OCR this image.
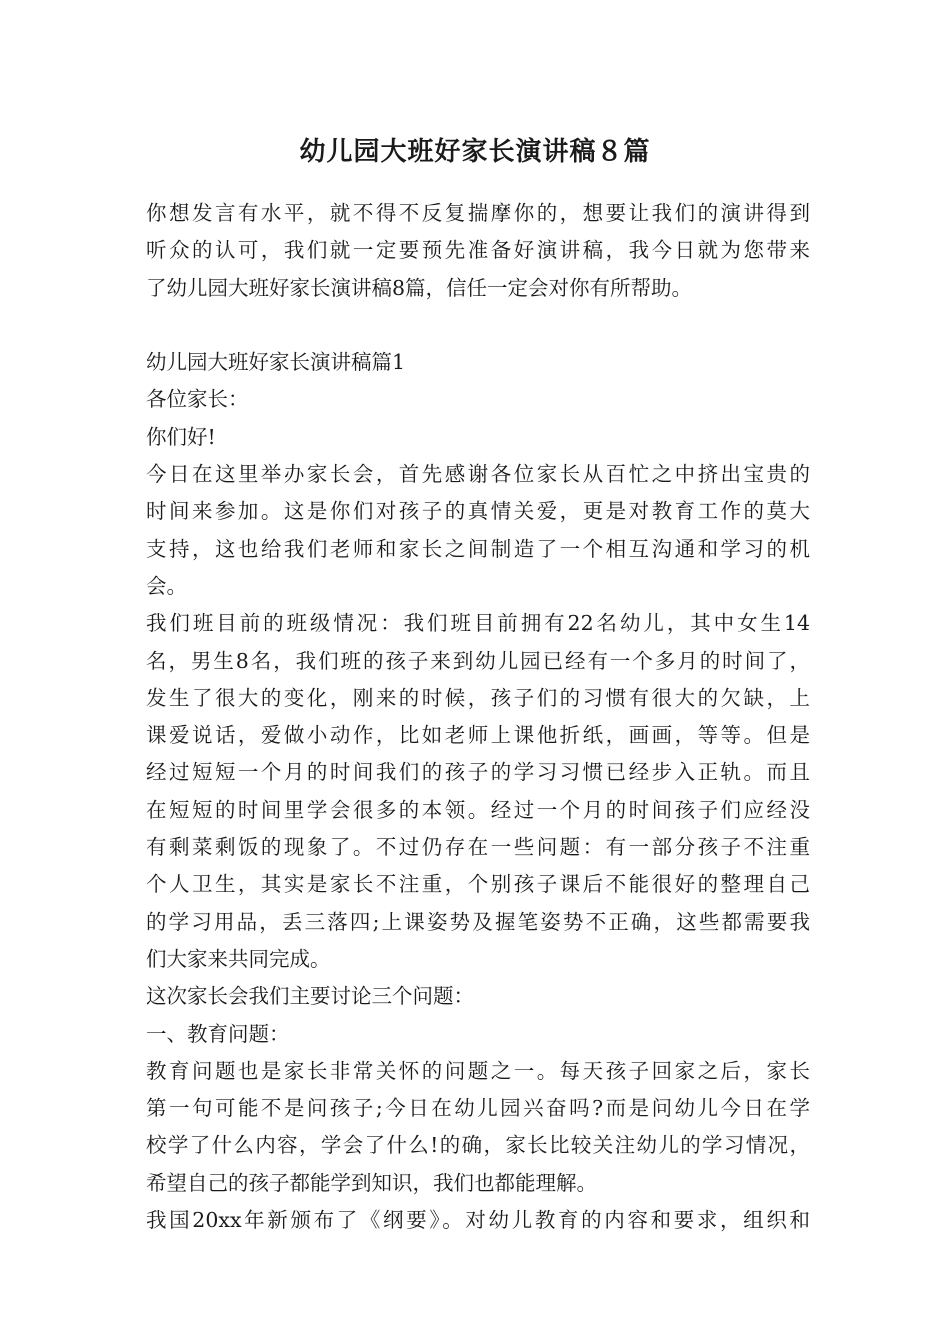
幼儿园大班好家长演讲稿８篇
你想发言有水平，就不得不反复揣摩你的，想要让我们的演讲得到
听众的认可，我们就一定要预先准备好演讲稿，我今日就为您带来
了幼儿园大班好家长演讲稿8篇，信任一定会对你有所帮助。
幼儿园大班好家长演讲稿篇1
各位家长：
你们好!
今日在这里举办家长会，首先感谢各位家长从百忙之中挤出宝贵的
时间来参加。这是你们对孩子的真情关爱，更是对教育工作的莫大
支持，这也给我们老师和家长之间制造了一个相互沟通和学习的机
会。
我们班目前的班级情况：我们班目前拥有22名幼儿，其中女生14
名，男生8名，我们班的孩子来到幼儿园已经有一个多月的时间了，
发生了很大的变化，刚来的时候，孩子们的习惯有很大的欠缺，上
课爱说话，爱做小动作，比如老师上课他折纸，画画，等等。但是
经过短短一个月的时间我们的孩子的学习习惯已经步入正轨。而且
在短短的时间里学会很多的本领。经过一个月的时间孩子们应经没
有剩菜剩饭的现象了。不过仍存在一些问题：有一部分孩子不注重
个人卫生，其实是家长不注重，个别孩子课后不能很好的整理自己
的学习用品，丢三落四;上课姿势及握笔姿势不正确，这些都需要我
们大家来共同完成。
这次家长会我们主要讨论三个问题：
一、教育问题：
教育问题也是家长非常关怀的问题之一。每天孩子回家之后，家长
第一句可能不是问孩子;今日在幼儿园兴奋吗?而是问幼儿今日在学
校学了什么内容，学会了什么!的确，家长比较关注幼儿的学习情况，
希望自己的孩子都能学到知识，我们也都能理解。
我国20xx年新颁布了《纲要》。对幼儿教育的内容和要求，组织和
